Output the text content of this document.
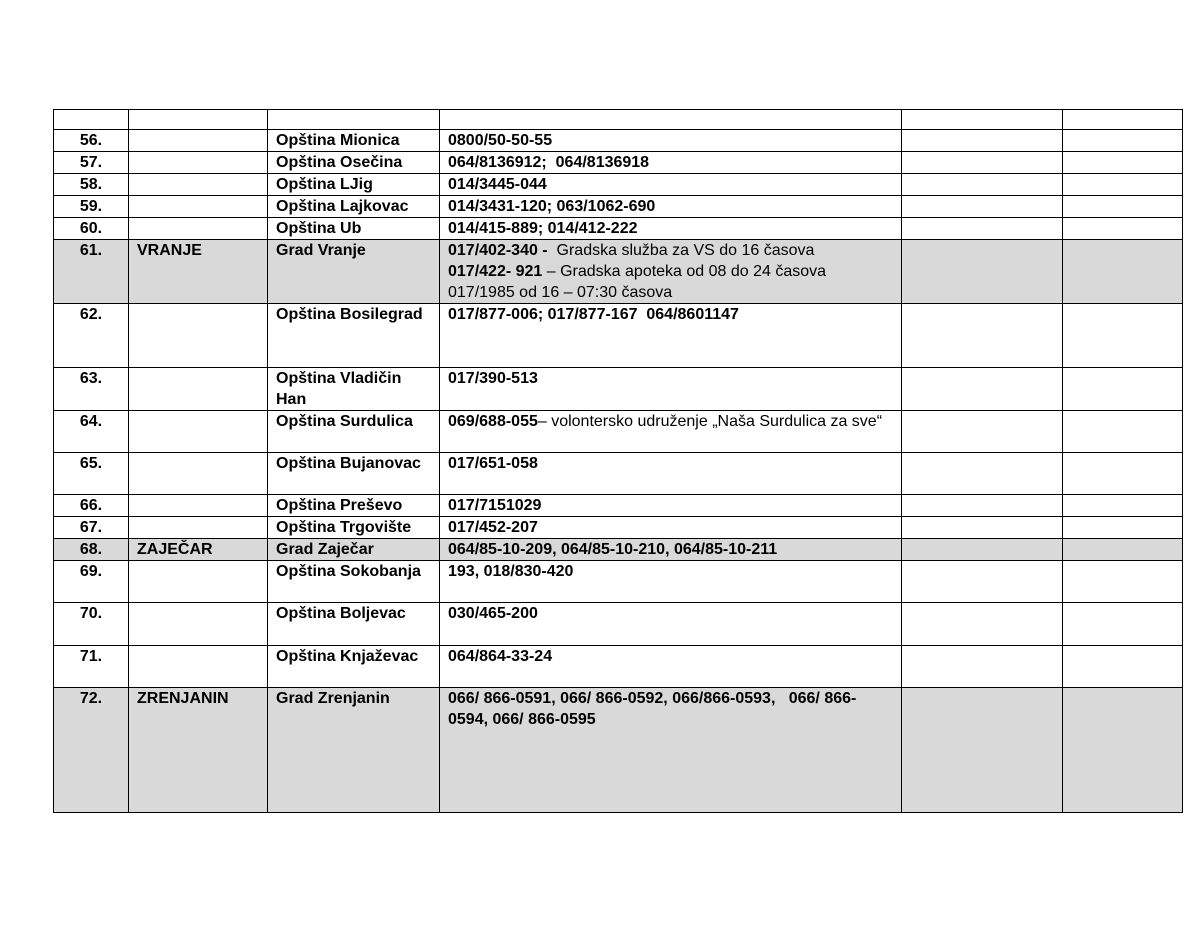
56.		Opština Mionica	0800/50-50-55		
57.		Opština Osečina	064/8136912;  064/8136918		
58.		Opština LJig	014/3445-044		
59.		Opština Lajkovac	014/3431-120; 063/1062-690		
60.		Opština Ub	014/415-889; 014/412-222		
61.	VRANJE	Grad Vranje	017/402-340 -  Gradska služba za VS do 16 časova
017/422- 921 – Gradska apoteka od 08 do 24 časova
017/1985 od 16 – 07:30 časova		

62.		Opština Bosilegrad	017/877-006; 017/877-167  064/8601147		
63.		Opština Vladičin Han	017/390-513		
64.		Opština Surdulica	069/688-055– volontersko udruženje „Naša Surdulica za sve“		
65.		Opština Bujanovac	017/651-058		
66.		Opština Preševo	017/7151029		
67.		Opština Trgovište	017/452-207		
68.	ZAJEČAR	Grad Zaječar	064/85-10-209, 064/85-10-210, 064/85-10-211		
69.		Opština Sokobanja	193, 018/830-420		
70.		Opština Boljevac	030/465-200		
71.		Opština Knjaževac	064/864-33-24		
72.	ZRENJANIN	Grad Zrenjanin	066/ 866-0591, 066/ 866-0592, 066/866-0593,   066/ 866-0594, 066/ 866-0595		
